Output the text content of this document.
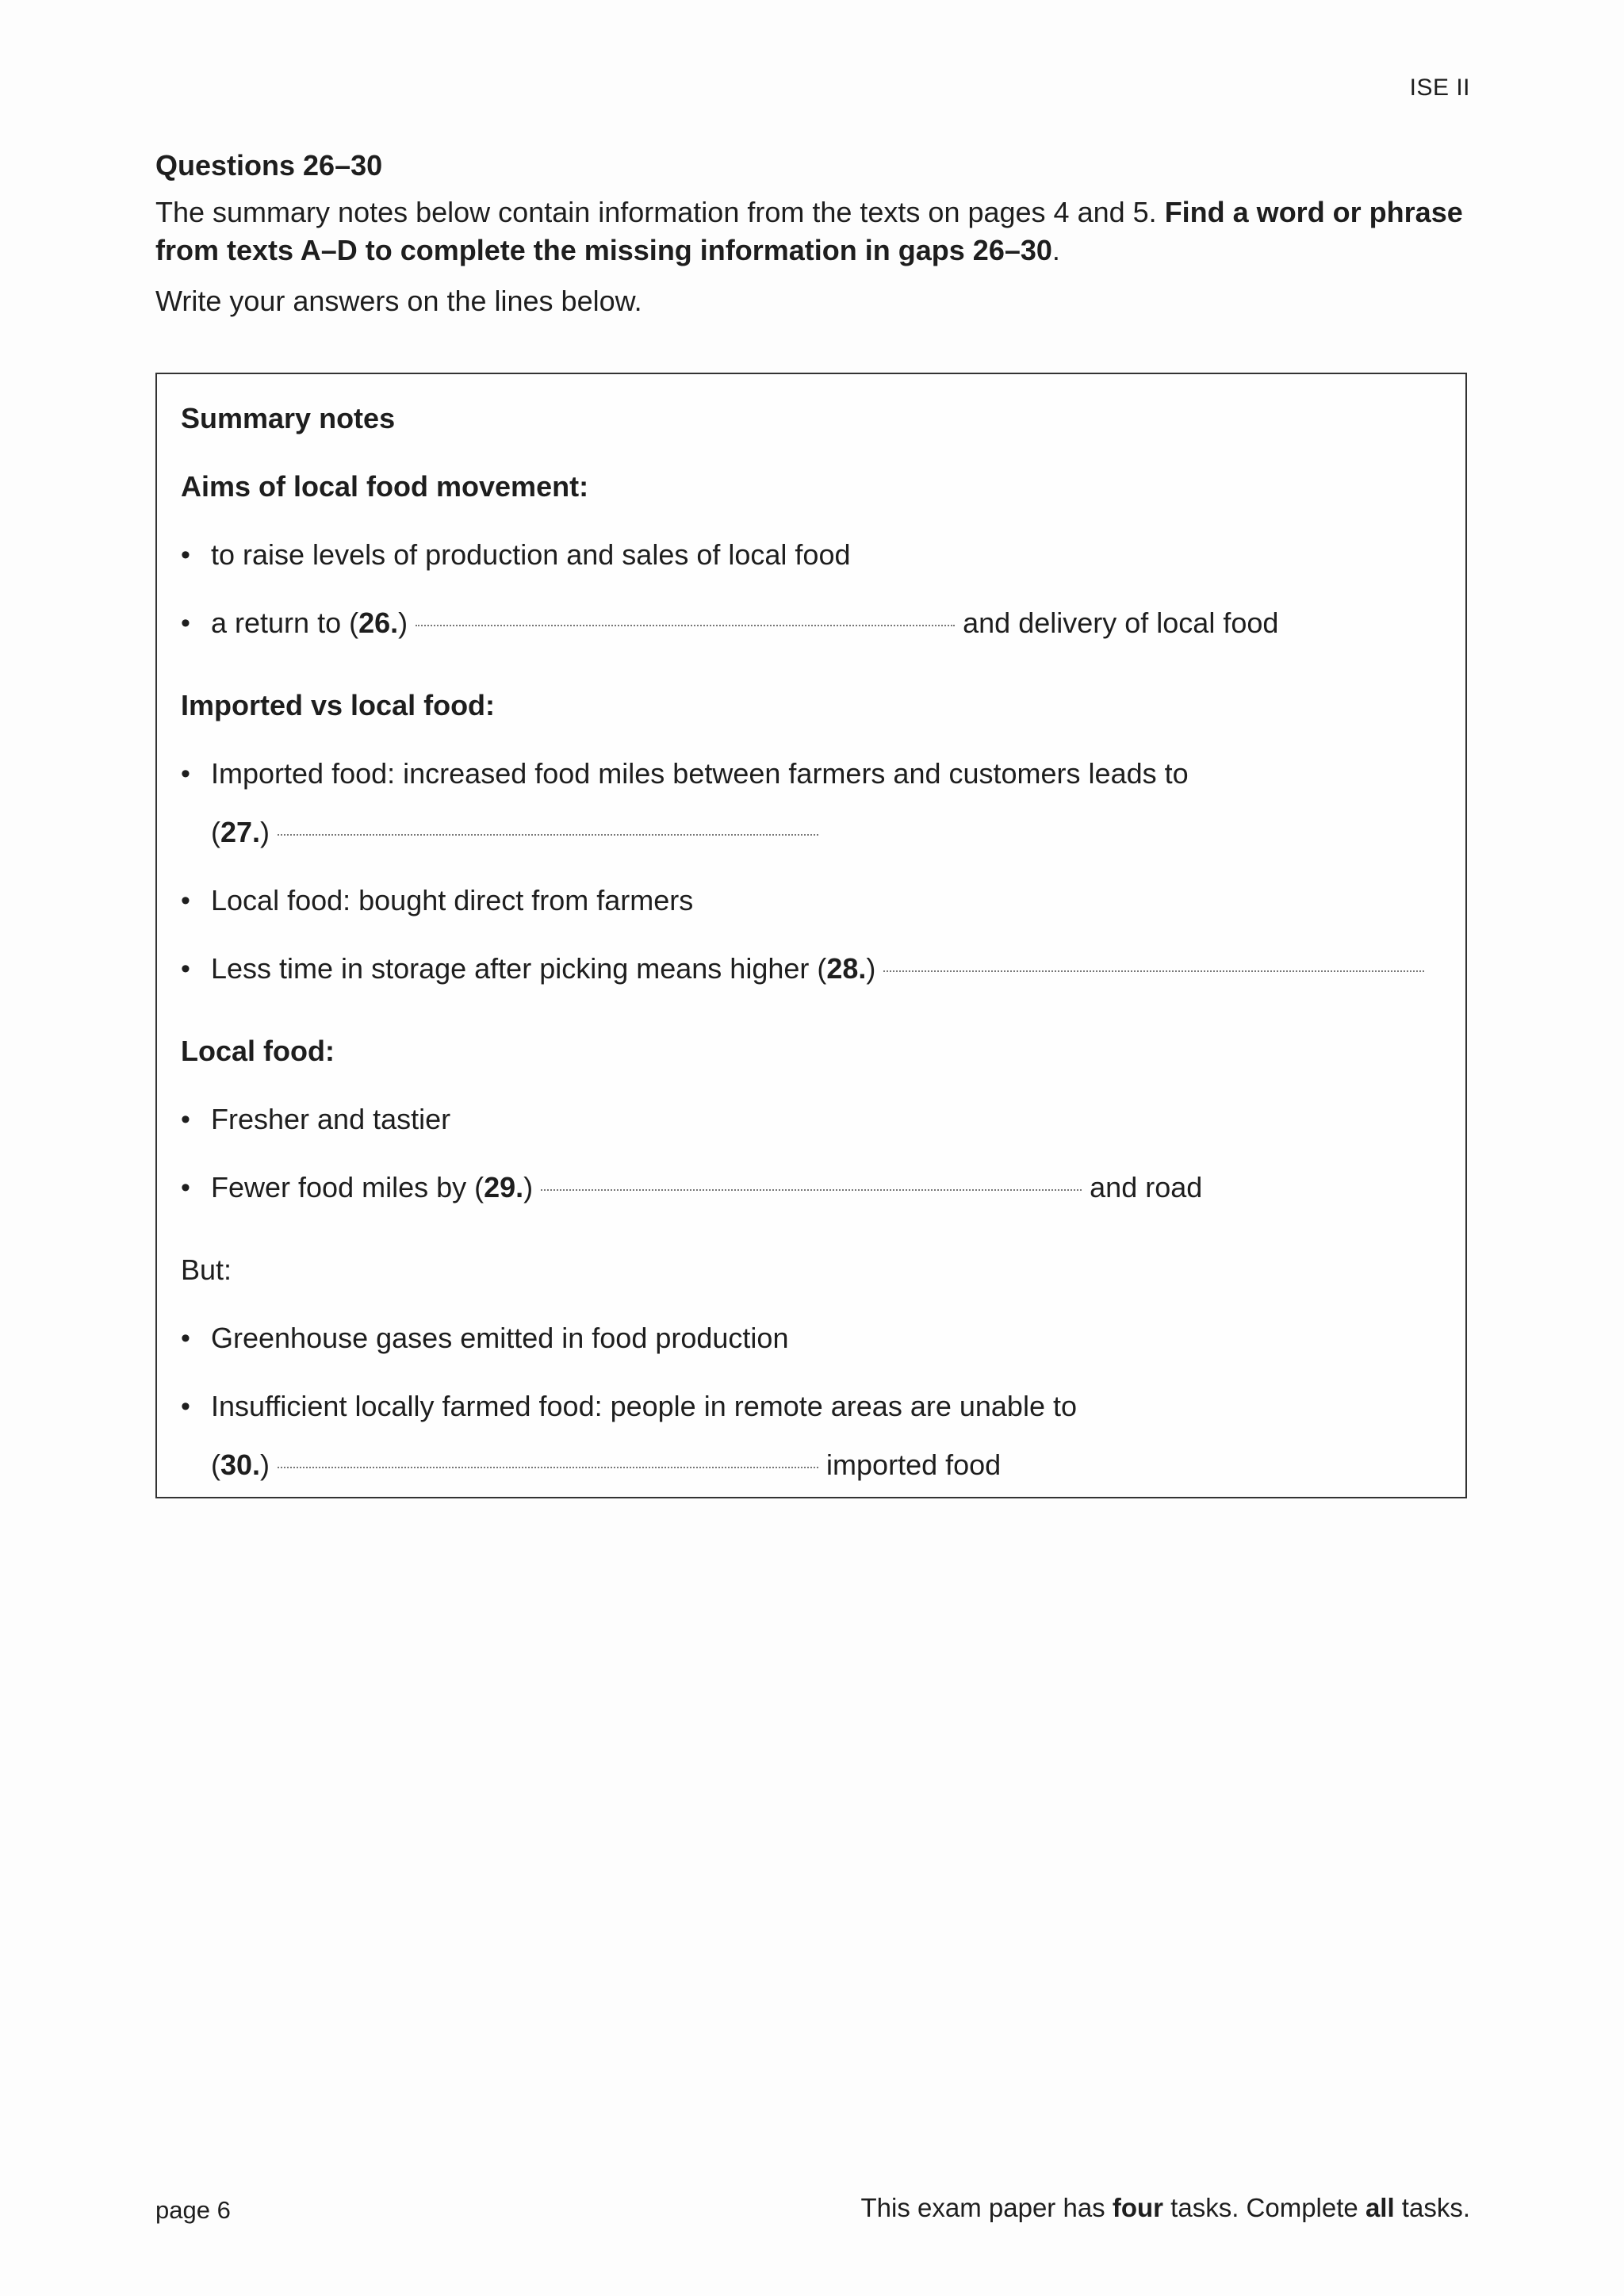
ISE II

Questions 26–30

The summary notes below contain information from the texts on pages 4 and 5. Find a word or phrase from texts A–D to complete the missing information in gaps 26–30.

Write your answers on the lines below.

Summary notes

Aims of local food movement:

• to raise levels of production and sales of local food

• a return to (26.)	and delivery of local food

Imported vs local food:

• Imported food: increased food miles between farmers and customers leads to

(27.)

• Local food: bought direct from farmers

• Less time in storage after picking means higher (28.)

Local food:

• Fresher and tastier

• Fewer food miles by (29.)	and road

But:

• Greenhouse gases emitted in food production

• Insufficient locally farmed food: people in remote areas are unable to

(30.)	imported food

page 6	This exam paper has four tasks. Complete all tasks.
